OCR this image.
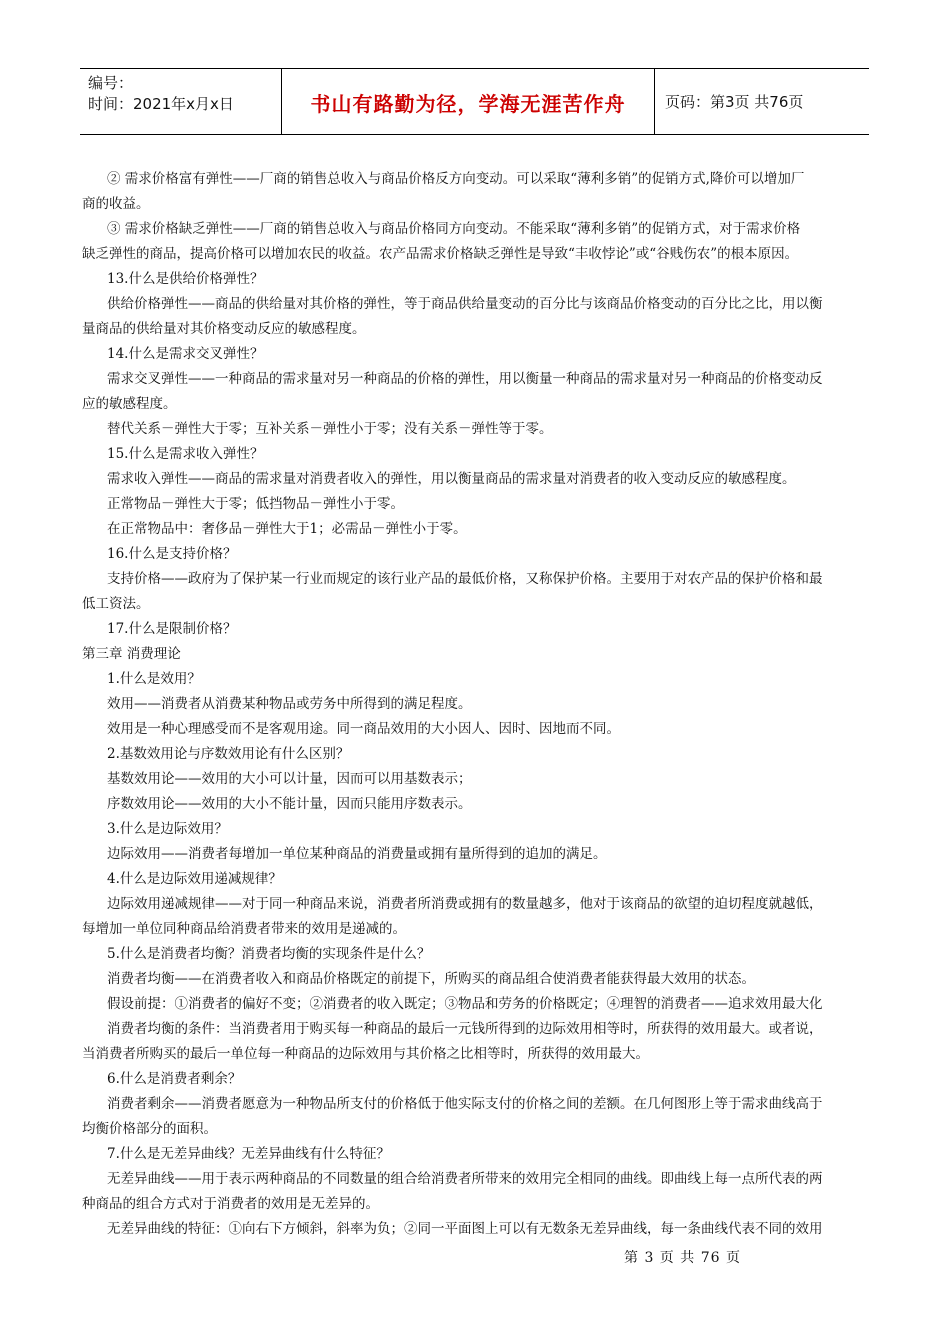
编号：
时间：2021年x月x日	书山有路勤为径，学海无涯苦作舟	页码：第3页 共76页
② 需求价格富有弹性——厂商的销售总收入与商品价格反方向变动。可以采取“薄利多销”的促销方式,降价可以增加厂
商的收益。
③ 需求价格缺乏弹性——厂商的销售总收入与商品价格同方向变动。不能采取“薄利多销”的促销方式，对于需求价格
缺乏弹性的商品，提高价格可以增加农民的收益。农产品需求价格缺乏弹性是导致“丰收悖论”或“谷贱伤农”的根本原因。
13.什么是供给价格弹性？
供给价格弹性——商品的供给量对其价格的弹性，等于商品供给量变动的百分比与该商品价格变动的百分比之比，用以衡
量商品的供给量对其价格变动反应的敏感程度。
14.什么是需求交叉弹性？
需求交叉弹性——一种商品的需求量对另一种商品的价格的弹性，用以衡量一种商品的需求量对另一种商品的价格变动反
应的敏感程度。
替代关系－弹性大于零；互补关系－弹性小于零；没有关系－弹性等于零。
15.什么是需求收入弹性？
需求收入弹性——商品的需求量对消费者收入的弹性，用以衡量商品的需求量对消费者的收入变动反应的敏感程度。
正常物品－弹性大于零；低挡物品－弹性小于零。
在正常物品中：奢侈品－弹性大于1；必需品－弹性小于零。
16.什么是支持价格？
支持价格——政府为了保护某一行业而规定的该行业产品的最低价格，又称保护价格。主要用于对农产品的保护价格和最
低工资法。
17.什么是限制价格？
第三章 消费理论
1.什么是效用？
效用——消费者从消费某种物品或劳务中所得到的满足程度。
效用是一种心理感受而不是客观用途。同一商品效用的大小因人、因时、因地而不同。
2.基数效用论与序数效用论有什么区别？
基数效用论——效用的大小可以计量，因而可以用基数表示；
序数效用论——效用的大小不能计量，因而只能用序数表示。
3.什么是边际效用？
边际效用——消费者每增加一单位某种商品的消费量或拥有量所得到的追加的满足。
4.什么是边际效用递减规律？
边际效用递减规律——对于同一种商品来说，消费者所消费或拥有的数量越多，他对于该商品的欲望的迫切程度就越低，
每增加一单位同种商品给消费者带来的效用是递减的。
5.什么是消费者均衡？消费者均衡的实现条件是什么？
消费者均衡——在消费者收入和商品价格既定的前提下，所购买的商品组合使消费者能获得最大效用的状态。
假设前提：①消费者的偏好不变；②消费者的收入既定；③物品和劳务的价格既定；④理智的消费者——追求效用最大化
消费者均衡的条件：当消费者用于购买每一种商品的最后一元钱所得到的边际效用相等时，所获得的效用最大。或者说，
当消费者所购买的最后一单位每一种商品的边际效用与其价格之比相等时，所获得的效用最大。
6.什么是消费者剩余？
消费者剩余——消费者愿意为一种物品所支付的价格低于他实际支付的价格之间的差额。在几何图形上等于需求曲线高于
均衡价格部分的面积。
7.什么是无差异曲线？无差异曲线有什么特征？
无差异曲线——用于表示两种商品的不同数量的组合给消费者所带来的效用完全相同的曲线。即曲线上每一点所代表的两
种商品的组合方式对于消费者的效用是无差异的。
无差异曲线的特征：①向右下方倾斜，斜率为负；②同一平面图上可以有无数条无差异曲线，每一条曲线代表不同的效用
第 3 页 共 76 页
